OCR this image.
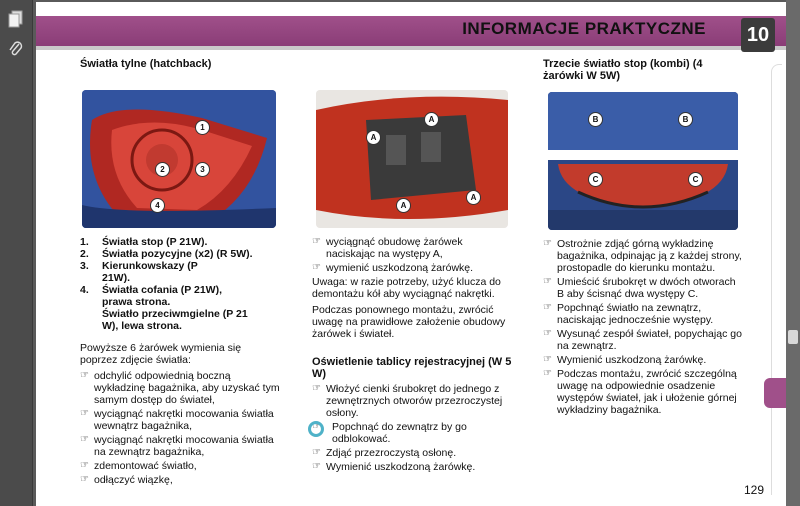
INFORMACJE PRAKTYCZNE 10
Światła tylne (hatchback)
1
2	3
4
1. Światła stop (P 21W).
2. Światła pozycyjne (x2) (R 5W).
3. Kierunkowskazy (P 21W).
4. Światła cofania (P 21W), prawa strona.
Światło przeciwmgielne (P 21 W), lewa strona.

Powyższe 6 żarówek wymienia się poprzez zdjęcie światła:

☞ odchylić odpowiednią boczną wykładzinę bagażnika, aby uzyskać tym samym dostęp do świateł,
☞ wyciągnąć nakrętki mocowania światła wewnątrz bagażnika,
☞ wyciągnąć nakrętki mocowania światła na zewnątrz bagażnika,
☞ zdemontować światło,
☞ odłączyć wiązkę,
A
A
A
A
☞ wyciągnąć obudowę żarówek naciskając na występy A,
☞ wymienić uszkodzoną żarówkę.

Uwaga: w razie potrzeby, użyć klucza do demontażu kół aby wyciągnąć nakrętki.

Podczas ponownego montażu, zwrócić uwagę na prawidłowe założenie obudowy żarówek i świateł.

Oświetlenie tablicy rejestracyjnej (W 5 W)
☞ Włożyć cienki śrubokręt do jednego z zewnętrznych otworów przezroczystej osłony.
☞ Popchnąć do zewnątrz by go odblokować.
☞ Zdjąć przezroczystą osłonę.
☞ Wymienić uszkodzoną żarówkę.
Trzecie światło stop (kombi) (4 żarówki W 5W)
B	B
C	C
☞ Ostrożnie zdjąć górną wykładzinę bagażnika, odpinając ją z każdej strony, prostopadle do kierunku montażu.
☞ Umieścić śrubokręt w dwóch otworach B aby ścisnąć dwa występy C.
☞ Popchnąć światło na zewnątrz, naciskając jednocześnie występy.
☞ Wysunąć zespół świateł, popychając go na zewnątrz.
☞ Wymienić uszkodzoną żarówkę.
☞ Podczas montażu, zwrócić szczególną uwagę na odpowiednie osadzenie występów świateł, jak i ułożenie górnej wykładziny bagażnika.
129
